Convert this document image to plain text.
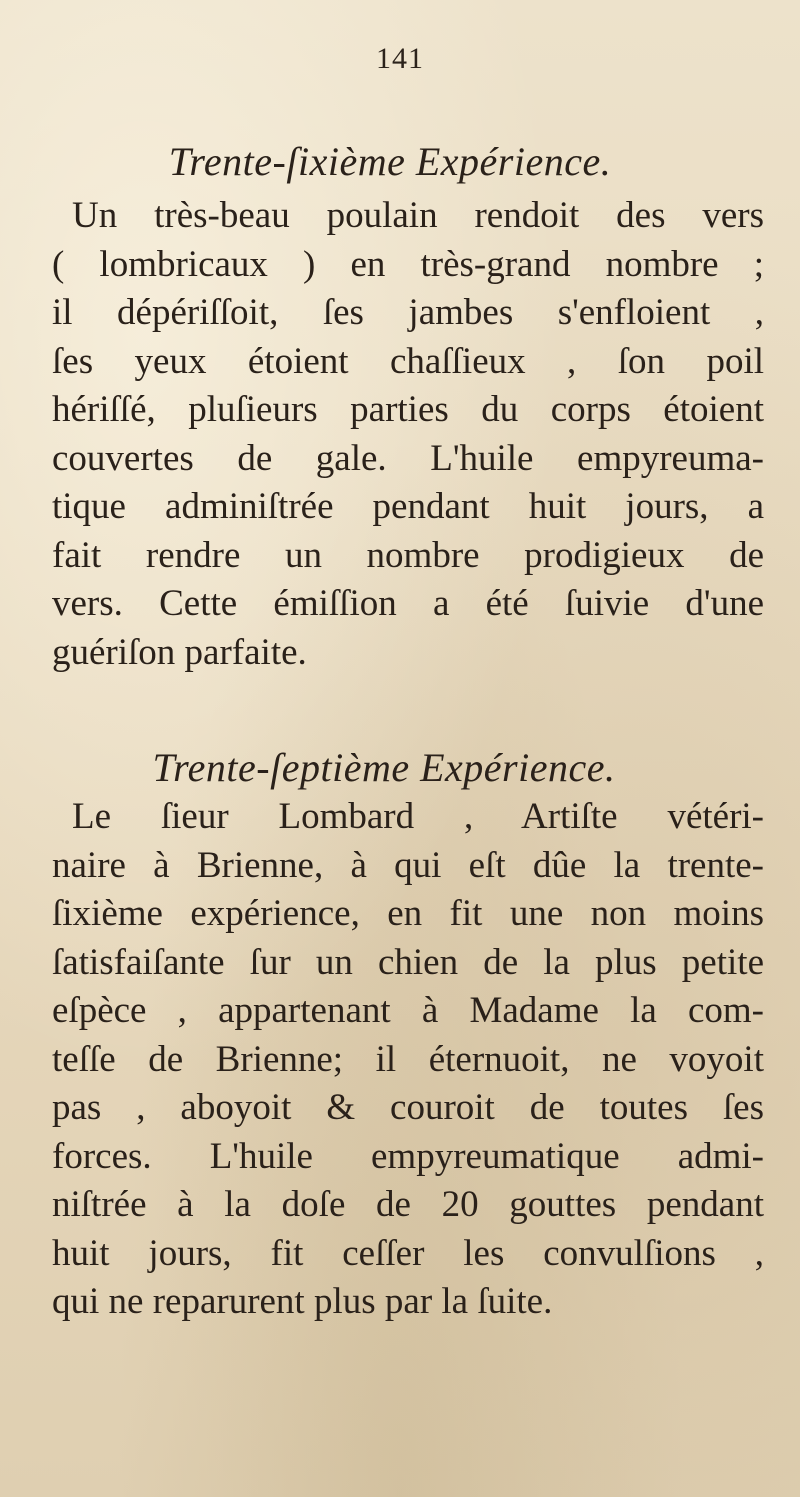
141
Trente-ſixième Expérience.
Un très-beau poulain rendoit des vers
( lombricaux ) en très-grand nombre ;
il dépériſſoit, ſes jambes s'enfloient ,
ſes yeux étoient chaſſieux , ſon poil
hériſſé, pluſieurs parties du corps étoient
couvertes de gale. L'huile empyreuma-
tique adminiſtrée pendant huit jours, a
fait rendre un nombre prodigieux de
vers. Cette émiſſion a été ſuivie d'une
guériſon parfaite.
Trente-ſeptième Expérience.
Le ſieur Lombard , Artiſte vétéri-
naire à Brienne, à qui eſt dûe la trente-
ſixième expérience, en fit une non moins
ſatisfaiſante ſur un chien de la plus petite
eſpèce , appartenant à Madame la com-
teſſe de Brienne; il éternuoit, ne voyoit
pas , aboyoit & couroit de toutes ſes
forces. L'huile empyreumatique admi-
niſtrée à la doſe de 20 gouttes pendant
huit jours, fit ceſſer les convulſions ,
qui ne reparurent plus par la ſuite.
